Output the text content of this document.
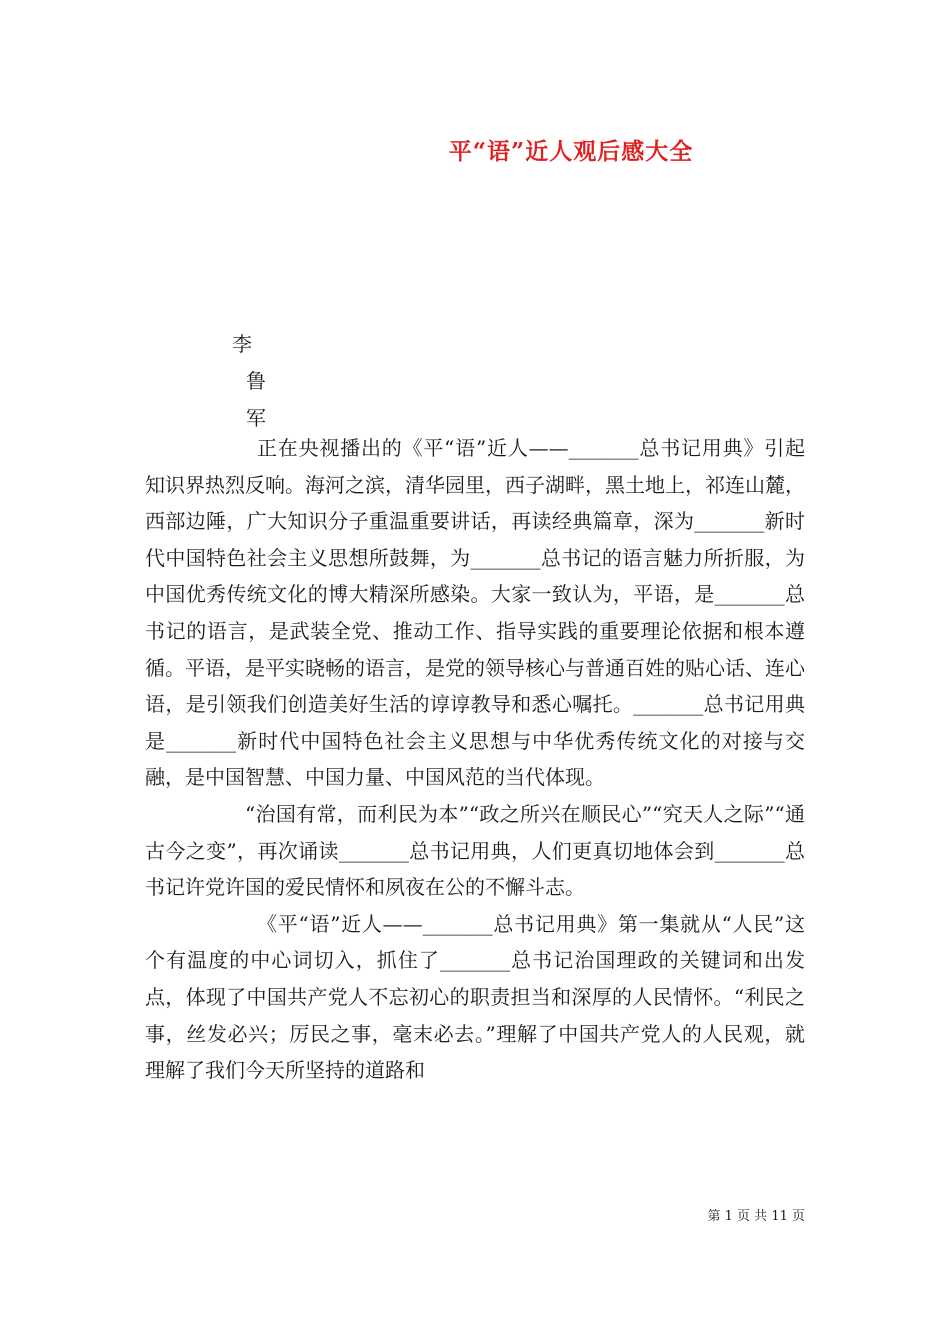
平“语”近人观后感大全
李
鲁
军

正在央视播出的《平“语”近人——_______总书记用典》引起知识界热烈反响。海河之滨，清华园里，西子湖畔，黑土地上，祁连山麓，西部边陲，广大知识分子重温重要讲话，再读经典篇章，深为_______新时代中国特色社会主义思想所鼓舞，为_______总书记的语言魅力所折服，为中国优秀传统文化的博大精深所感染。大家一致认为，平语，是_______总书记的语言，是武装全党、推动工作、指导实践的重要理论依据和根本遵循。平语，是平实晓畅的语言，是党的领导核心与普通百姓的贴心话、连心语，是引领我们创造美好生活的谆谆教导和悉心嘱托。_______总书记用典是_______新时代中国特色社会主义思想与中华优秀传统文化的对接与交融，是中国智慧、中国力量、中国风范的当代体现。

“治国有常，而利民为本”“政之所兴在顺民心”“究天人之际”“通古今之变”，再次诵读_______总书记用典，人们更真切地体会到_______总书记许党许国的爱民情怀和夙夜在公的不懈斗志。

《平“语”近人——_______总书记用典》第一集就从“人民”这个有温度的中心词切入，抓住了_______总书记治国理政的关键词和出发点，体现了中国共产党人不忘初心的职责担当和深厚的人民情怀。“利民之事，丝发必兴；厉民之事，毫末必去。”理解了中国共产党人的人民观，就理解了我们今天所坚持的道路和

第 1 页 共 11 页
